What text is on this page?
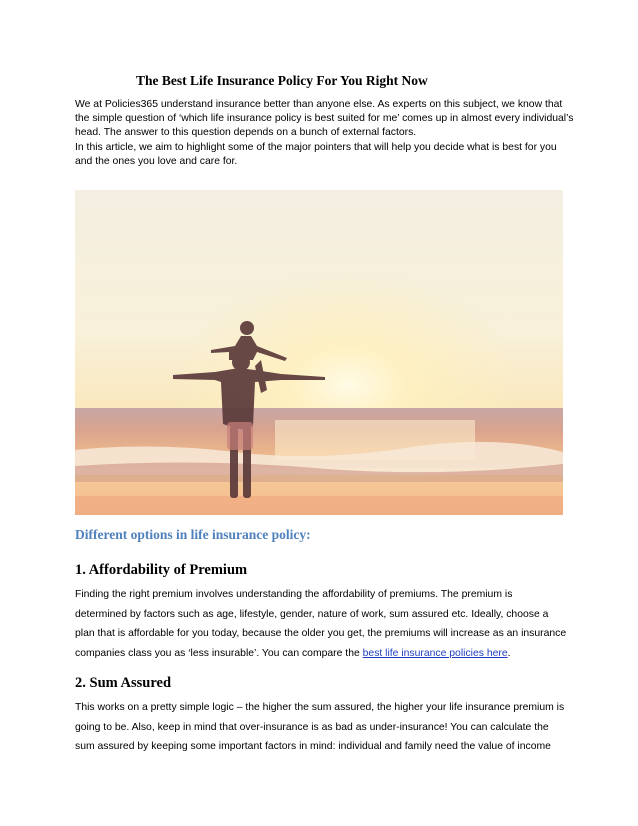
The Best Life Insurance Policy For You Right Now

We at Policies365 understand insurance better than anyone else. As experts on this subject, we know that the simple question of ‘which life insurance policy is best suited for me’ comes up in almost every individual’s head. The answer to this question depends on a bunch of external factors.

In this article, we aim to highlight some of the major pointers that will help you decide what is best for you and the ones you love and care for.

Different options in life insurance policy:
1. Affordability of Premium
Finding the right premium involves understanding the affordability of premiums. The premium is determined by factors such as age, lifestyle, gender, nature of work, sum assured etc. Ideally, choose a plan that is affordable for you today, because the older you get, the premiums will increase as an insurance companies class you as ‘less insurable’. You can compare the best life insurance policies here.
2. Sum Assured
This works on a pretty simple logic – the higher the sum assured, the higher your life insurance premium is going to be. Also, keep in mind that over-insurance is as bad as under-insurance! You can calculate the sum assured by keeping some important factors in mind: individual and family need the value of income
